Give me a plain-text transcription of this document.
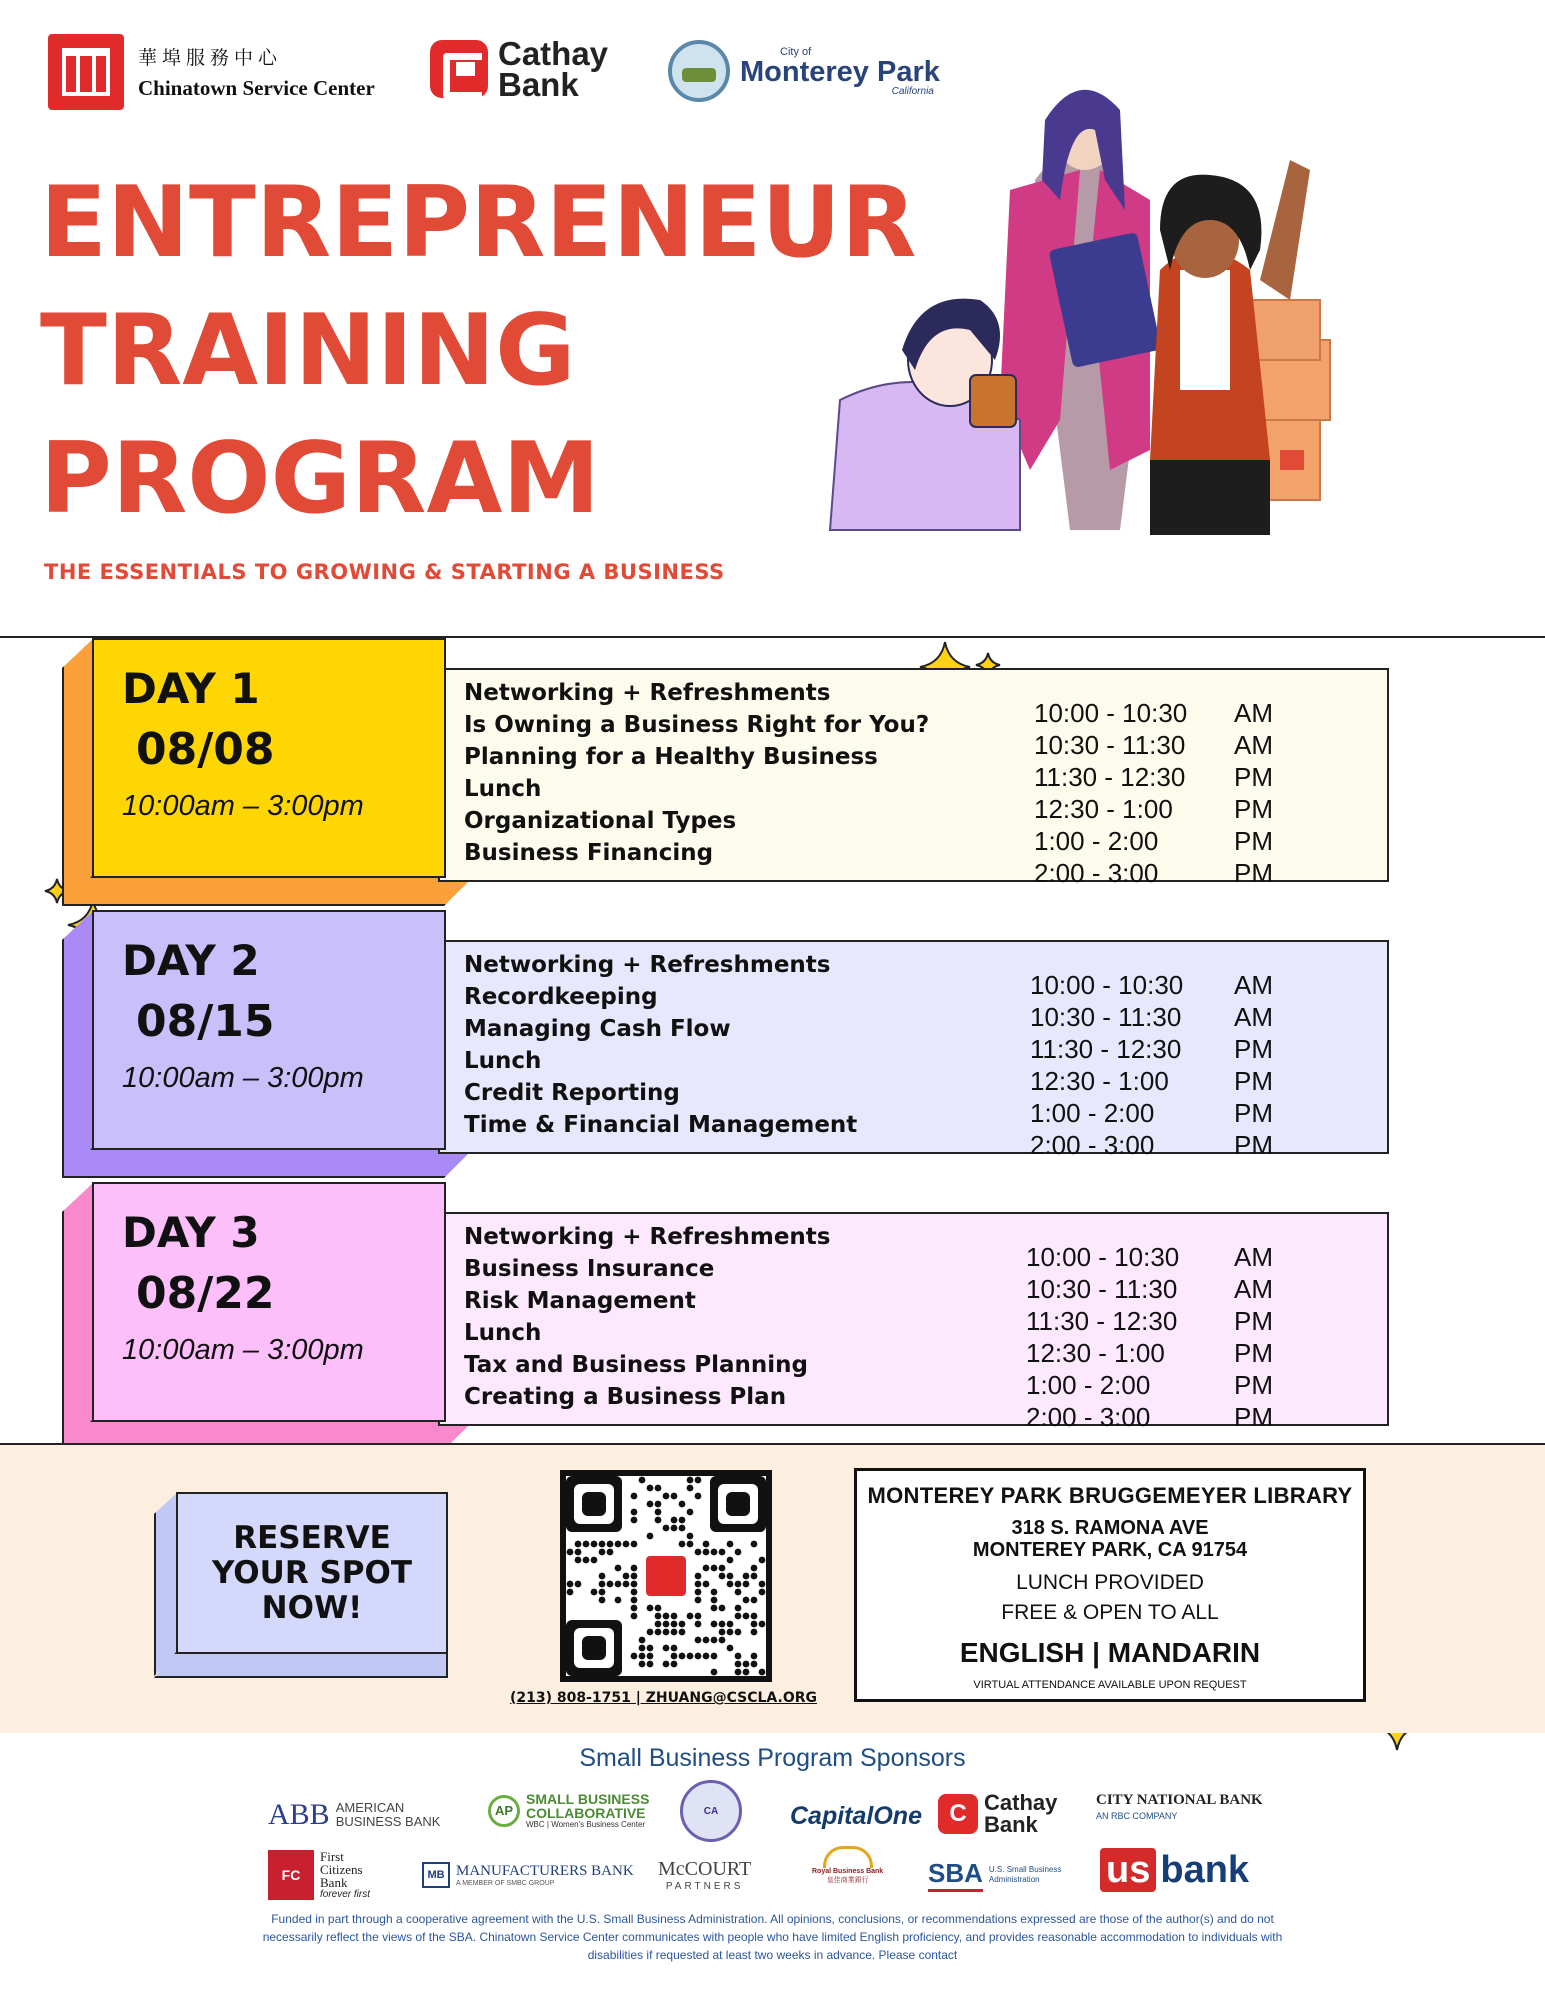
華埠服務中心
Chinatown Service Center
Cathay
Bank
City of
Monterey Park
California
ENTREPRENEUR
TRAINING
PROGRAM
THE ESSENTIALS TO GROWING & STARTING A BUSINESS
Networking + Refreshments
10:00 - 10:30 AM
Is Owning a Business Right for You?
10:30 - 11:30 AM
Planning for a Healthy Business
11:30 - 12:30 PM
Lunch
12:30 - 1:00 PM
Organizational Types
1:00 - 2:00	PM
Business Financing
2:00 - 3:00	PM
DAY 1
08/08
10:00am – 3:00pm
Networking + Refreshments
10:00 - 10:30 AM
Recordkeeping
10:30 - 11:30 AM
Managing Cash Flow
11:30 - 12:30 PM
Lunch
12:30 - 1:00	PM
Credit Reporting
1:00 - 2:00	PM
Time & Financial Management
2:00 - 3:00	PM
DAY 2
08/15
10:00am – 3:00pm
Networking + Refreshments
10:00 - 10:30 AM
Business Insurance
10:30 - 11:30 AM
Risk Management
11:30 - 12:30 PM
Lunch
12:30 - 1:00	PM
Tax and Business Planning
1:00 - 2:00	PM
Creating a Business Plan
2:00 - 3:00	PM
DAY 3
08/22
10:00am – 3:00pm
RESERVE
YOUR SPOT
NOW!
(213) 808-1751 | ZHUANG@CSCLA.ORG
MONTEREY PARK BRUGGEMEYER LIBRARY
318 S. RAMONA AVE
MONTEREY PARK, CA 91754
LUNCH PROVIDED
FREE & OPEN TO ALL
ENGLISH | MANDARIN
VIRTUAL ATTENDANCE AVAILABLE UPON REQUEST
Small Business Program Sponsors
ABB AMERICAN BUSINESS BANK
AP
SMALL BUSINESS COLLABORATIVE
WBC | Women's Business Center
CA	CapitalOne	C Cathay Bank
CITY NATIONAL BANK
AN RBC COMPANY
FC
First Citizens Bank
forever first
MB MANUFACTURERS BANK
A MEMBER OF SMBC GROUP
McCOURT
PARTNERS
Royal Business Bank
皇佳商業銀行 SBA U.S. Small Business Administration	us bank
Funded in part through a cooperative agreement with the U.S. Small Business Administration. All opinions, conclusions, or recommendations expressed are those of the author(s) and do not necessarily reflect the views of the SBA. Chinatown Service Center communicates with people who have limited English proficiency, and provides reasonable accommodation to individuals with disabilities if requested at least two weeks in advance. Please contact
